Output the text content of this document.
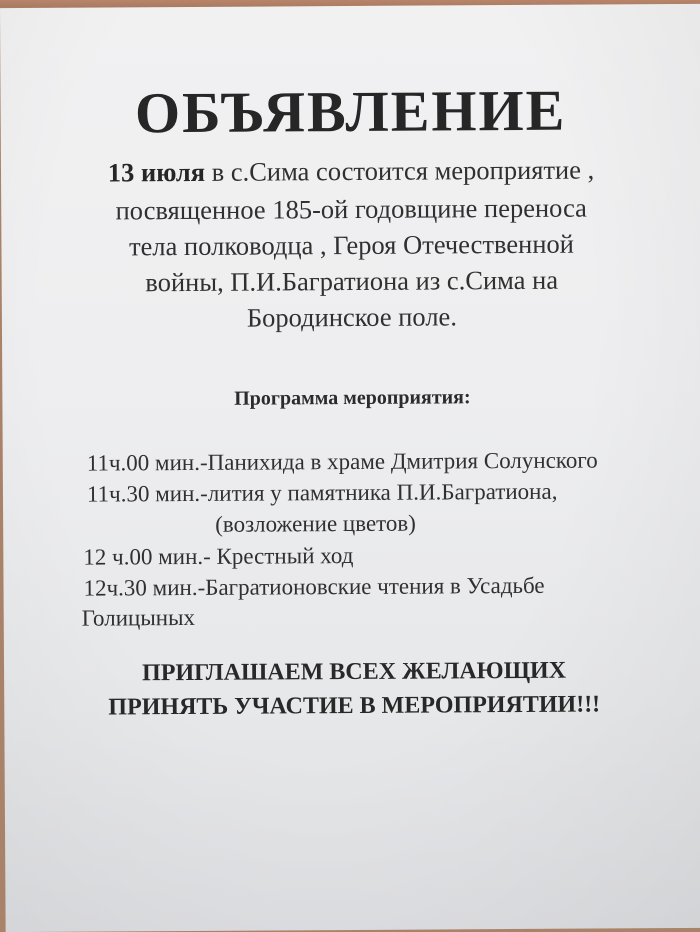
ОБЪЯВЛЕНИЕ
13 июля в с.Сима состоится мероприятие ,
посвященное 185-ой годовщине переноса
тела полководца , Героя Отечественной
войны, П.И.Багратиона из с.Сима на
Бородинское поле.
Программа мероприятия:
11ч.00 мин.-Панихида в храме Дмитрия Солунского
11ч.30 мин.-лития у памятника П.И.Багратиона,
(возложение цветов)
12 ч.00 мин.- Крестный ход
12ч.30 мин.-Багратионовские чтения в Усадьбе
Голицыных
ПРИГЛАШАЕМ ВСЕХ ЖЕЛАЮЩИХ
ПРИНЯТЬ УЧАСТИЕ В МЕРОПРИЯТИИ!!!
